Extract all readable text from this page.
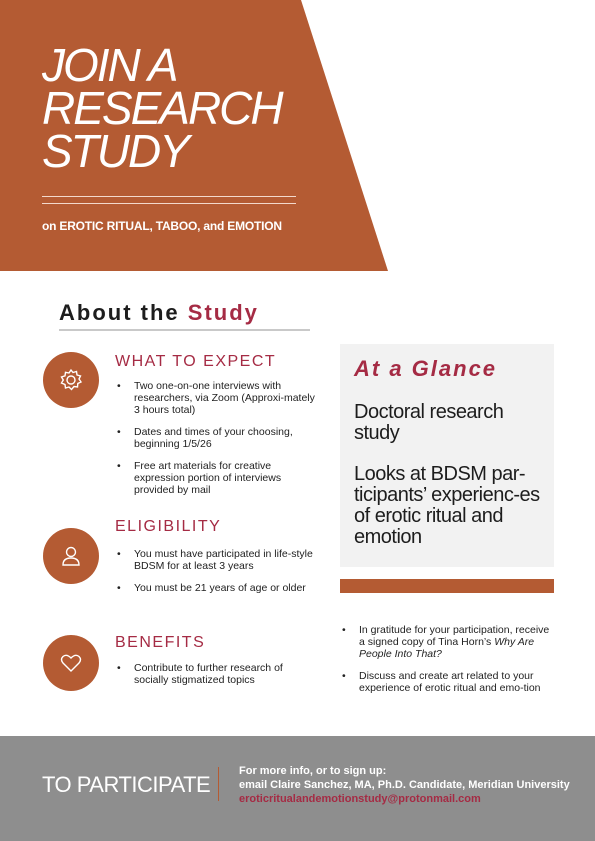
JOIN A
RESEARCH
STUDY
on EROTIC RITUAL, TABOO, and EMOTION
About the Study
WHAT TO EXPECT
• Two one-on-one interviews with researchers, via Zoom (Approxi-mately 3 hours total)
• Dates and times of your choosing, beginning 1/5/26
• Free art materials for creative expression portion of interviews provided by mail
ELIGIBILITY
• You must have participated in life-style BDSM for at least 3 years
• You must be 21 years of age or older
BENEFITS
• Contribute to further research of socially stigmatized topics
At a Glance
Doctoral research study
Looks at BDSM par-ticipants’ experienc-es of erotic ritual and emotion
• In gratitude for your participation, receive a signed copy of Tina Horn’s Why Are People Into That?
• Discuss and create art related to your experience of erotic ritual and emo-tion
TO PARTICIPATE
For more info, or to sign up:
email Claire Sanchez, MA, Ph.D. Candidate, Meridian University
eroticritualandemotionstudy@protonmail.com
